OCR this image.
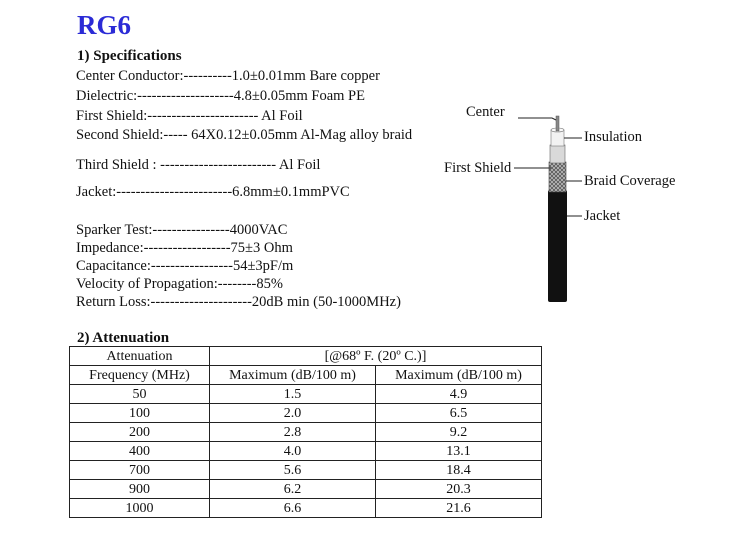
RG6
1) Specifications
Center Conductor:----------1.0±0.01mm Bare copper
Dielectric:--------------------4.8±0.05mm Foam PE
First Shield:----------------------- Al Foil
Second Shield:----- 64X0.12±0.05mm Al-Mag alloy braid
Third Shield : ------------------------ Al Foil
Jacket:------------------------6.8mm±0.1mmPVC
Sparker Test:----------------4000VAC
Impedance:------------------75±3 Ohm
Capacitance:-----------------54±3pF/m
Velocity of Propagation:--------85%
Return Loss:---------------------20dB min (50-1000MHz)
Center
Insulation
First Shield
Braid Coverage
Jacket
2) Attenuation
Attenuation	[@68º F. (20º C.)]	
Frequency (MHz)	Maximum (dB/100 m)	Maximum (dB/100 m)
50	1.5	4.9
100	2.0	6.5
200	2.8	9.2
400	4.0	13.1
700	5.6	18.4
900	6.2	20.3
1000	6.6	21.6
